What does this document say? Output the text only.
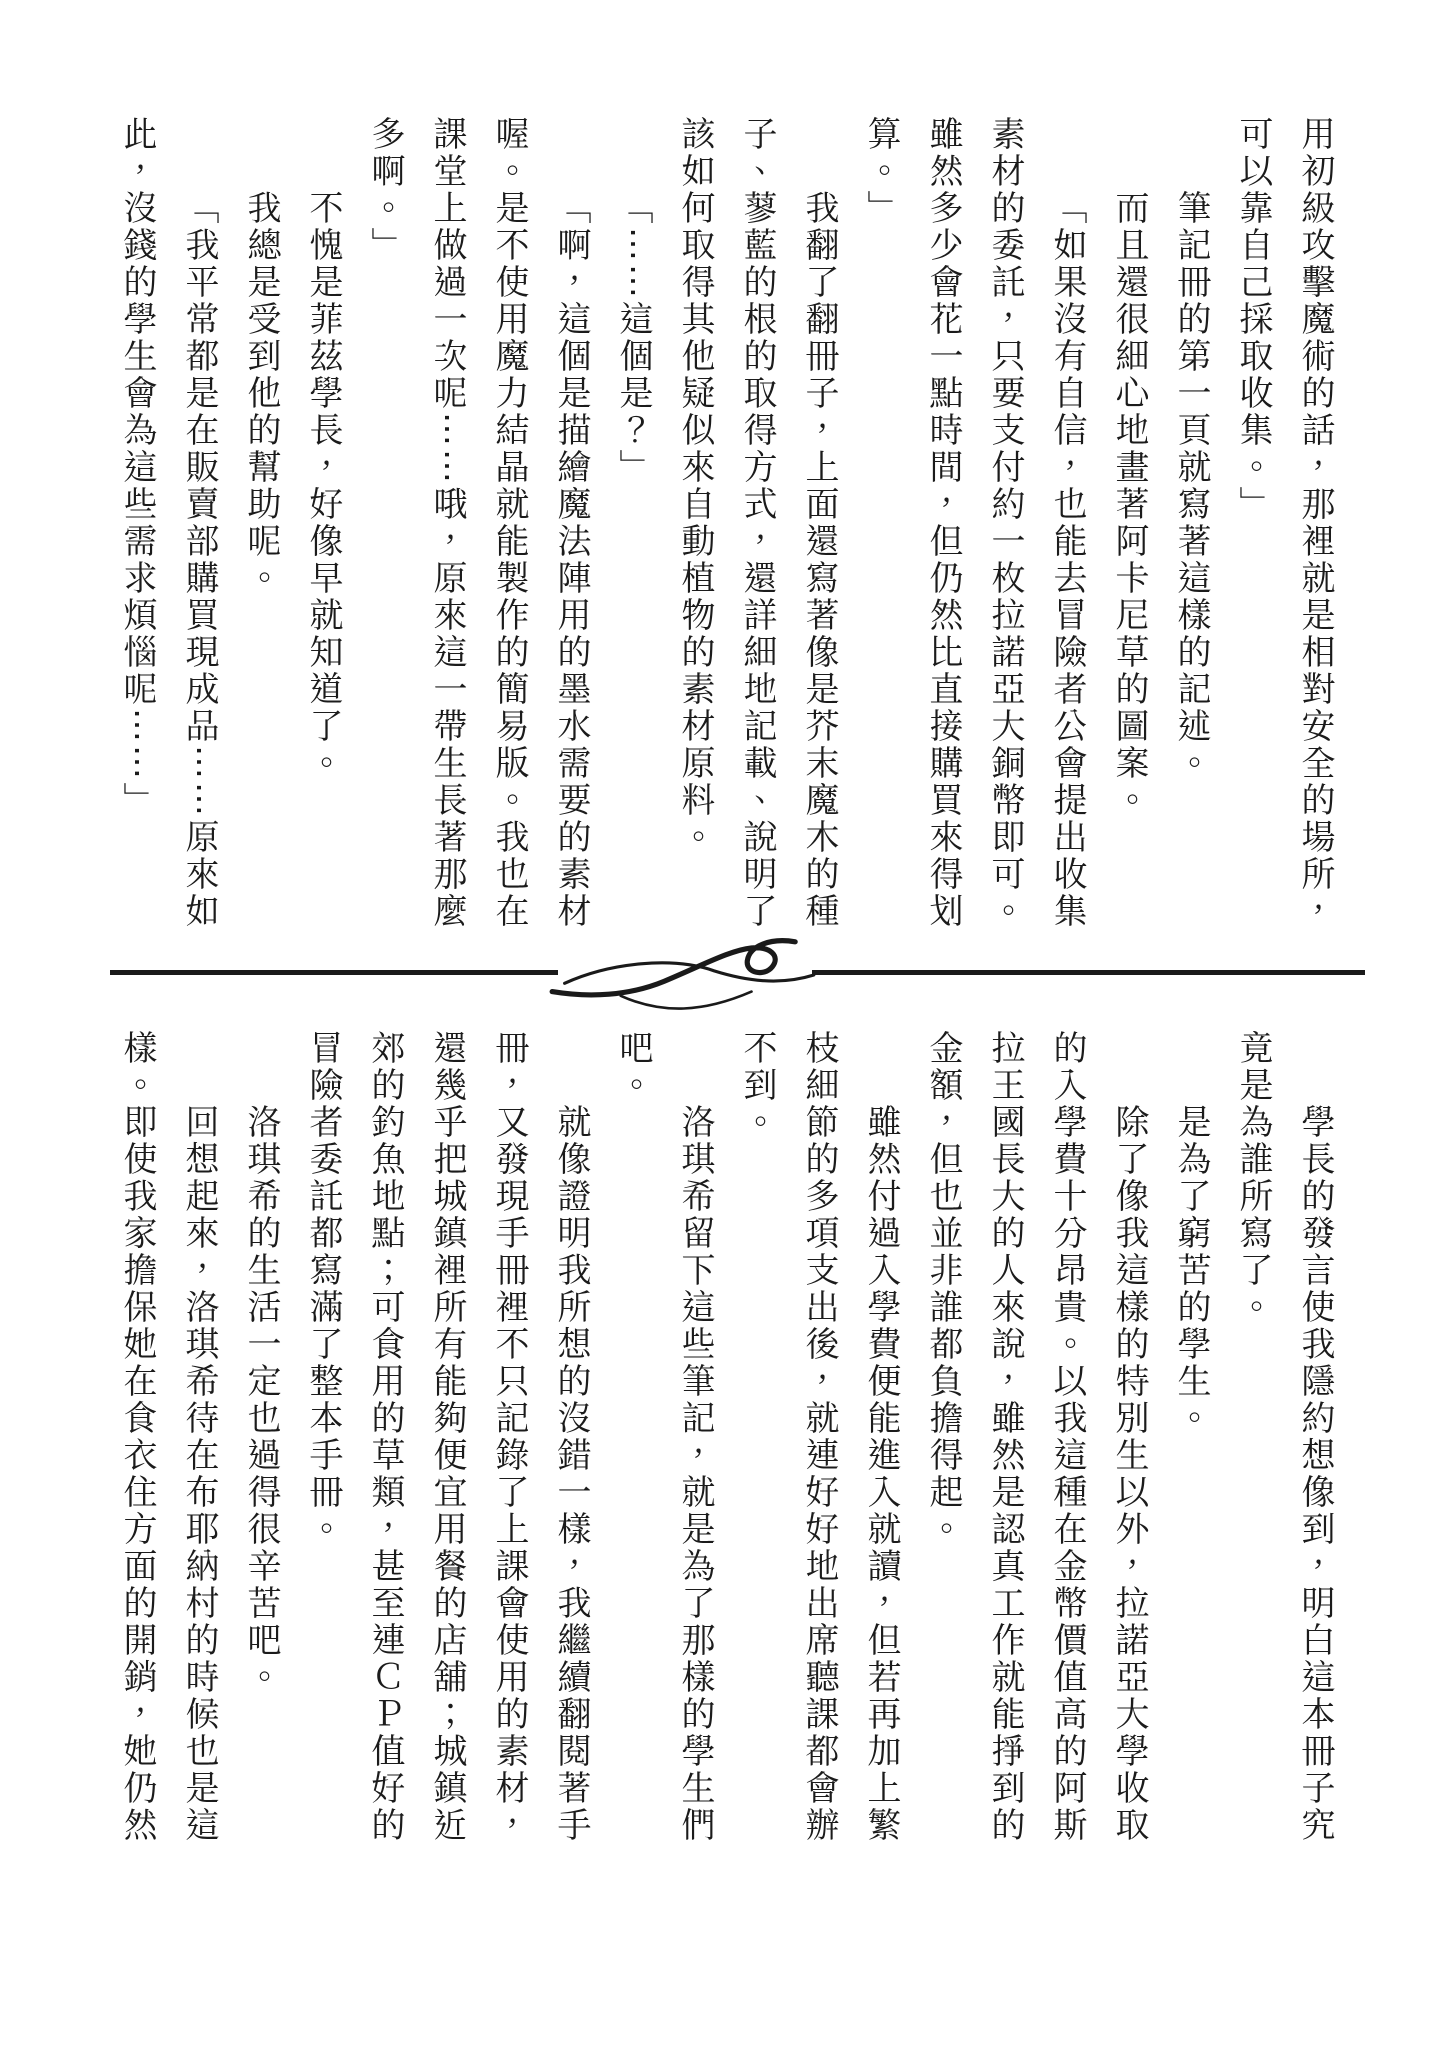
用初級攻擊魔術的話，那裡就是相對安全的場所，可以靠自己採取收集。」

筆記冊的第一頁就寫著這樣的記述。

而且還很細心地畫著阿卡尼草的圖案。

「如果沒有自信，也能去冒險者公會提出收集素材的委託，只要支付約一枚拉諾亞大銅幣即可。雖然多少會花一點時間，但仍然比直接購買來得划算。」

我翻了翻冊子，上面還寫著像是芥末魔木的種子、蓼藍的根的取得方式，還詳細地記載、說明了該如何取得其他疑似來自動植物的素材原料。

「⋯⋯這個是？」

「啊，這個是描繪魔法陣用的墨水需要的素材喔。是不使用魔力結晶就能製作的簡易版。我也在課堂上做過一次呢⋯⋯哦，原來這一帶生長著那麼多啊。」

不愧是菲茲學長，好像早就知道了。

我總是受到他的幫助呢。

「我平常都是在販賣部購買現成品⋯⋯原來如此，沒錢的學生會為這些需求煩惱呢⋯⋯」

學長的發言使我隱約想像到，明白這本冊子究竟是為誰所寫了。

是為了窮苦的學生。

除了像我這樣的特別生以外，拉諾亞大學收取的入學費十分昂貴。以我這種在金幣價值高的阿斯拉王國長大的人來說，雖然是認真工作就能掙到的金額，但也並非誰都負擔得起。

雖然付過入學費便能進入就讀，但若再加上繁枝細節的多項支出後，就連好好地出席聽課都會辦不到。

洛琪希留下這些筆記，就是為了那樣的學生們吧。

就像證明我所想的沒錯一樣，我繼續翻閱著手冊，又發現手冊裡不只記錄了上課會使用的素材，還幾乎把城鎮裡所有能夠便宜用餐的店舖；城鎮近郊的釣魚地點；可食用的草類，甚至連ＣＰ值好的冒險者委託都寫滿了整本手冊。

洛琪希的生活一定也過得很辛苦吧。

回想起來，洛琪希待在布耶納村的時候也是這樣。即使我家擔保她在食衣住方面的開銷，她仍然
